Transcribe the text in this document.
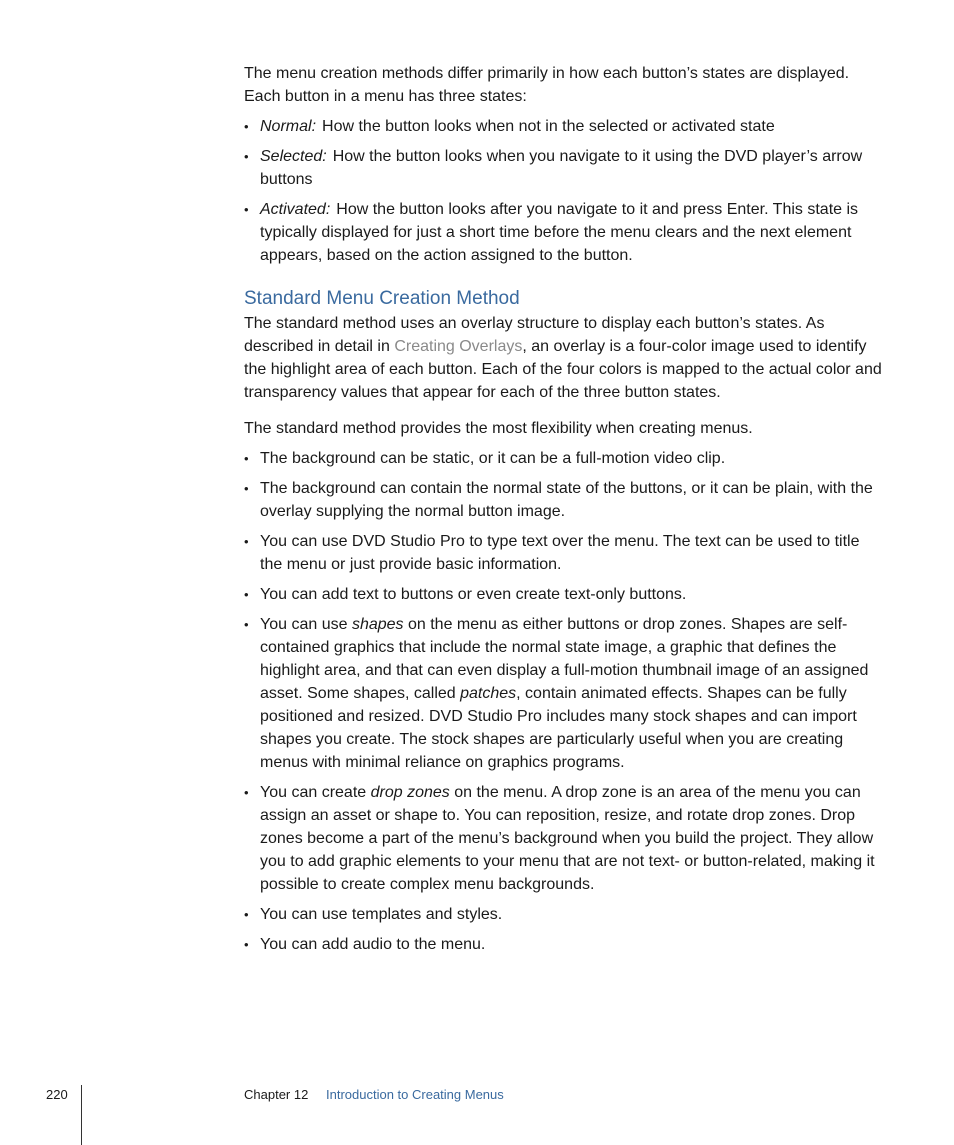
The menu creation methods differ primarily in how each button’s states are displayed. Each button in a menu has three states:

• Normal: How the button looks when not in the selected or activated state
• Selected: How the button looks when you navigate to it using the DVD player’s arrow buttons
• Activated: How the button looks after you navigate to it and press Enter. This state is typically displayed for just a short time before the menu clears and the next element appears, based on the action assigned to the button.
Standard Menu Creation Method

The standard method uses an overlay structure to display each button’s states. As described in detail in Creating Overlays, an overlay is a four-color image used to identify the highlight area of each button. Each of the four colors is mapped to the actual color and transparency values that appear for each of the three button states.

The standard method provides the most flexibility when creating menus.

• The background can be static, or it can be a full-motion video clip.
• The background can contain the normal state of the buttons, or it can be plain, with the overlay supplying the normal button image.
• You can use DVD Studio Pro to type text over the menu. The text can be used to title the menu or just provide basic information.
• You can add text to buttons or even create text-only buttons.
• You can use shapes on the menu as either buttons or drop zones. Shapes are self-contained graphics that include the normal state image, a graphic that defines the highlight area, and that can even display a full-motion thumbnail image of an assigned asset. Some shapes, called patches, contain animated effects. Shapes can be fully positioned and resized. DVD Studio Pro includes many stock shapes and can import shapes you create. The stock shapes are particularly useful when you are creating menus with minimal reliance on graphics programs.
• You can create drop zones on the menu. A drop zone is an area of the menu you can assign an asset or shape to. You can reposition, resize, and rotate drop zones. Drop zones become a part of the menu’s background when you build the project. They allow you to add graphic elements to your menu that are not text- or button-related, making it possible to create complex menu backgrounds.
• You can use templates and styles.
• You can add audio to the menu.
220	Chapter 12 Introduction to Creating Menus
